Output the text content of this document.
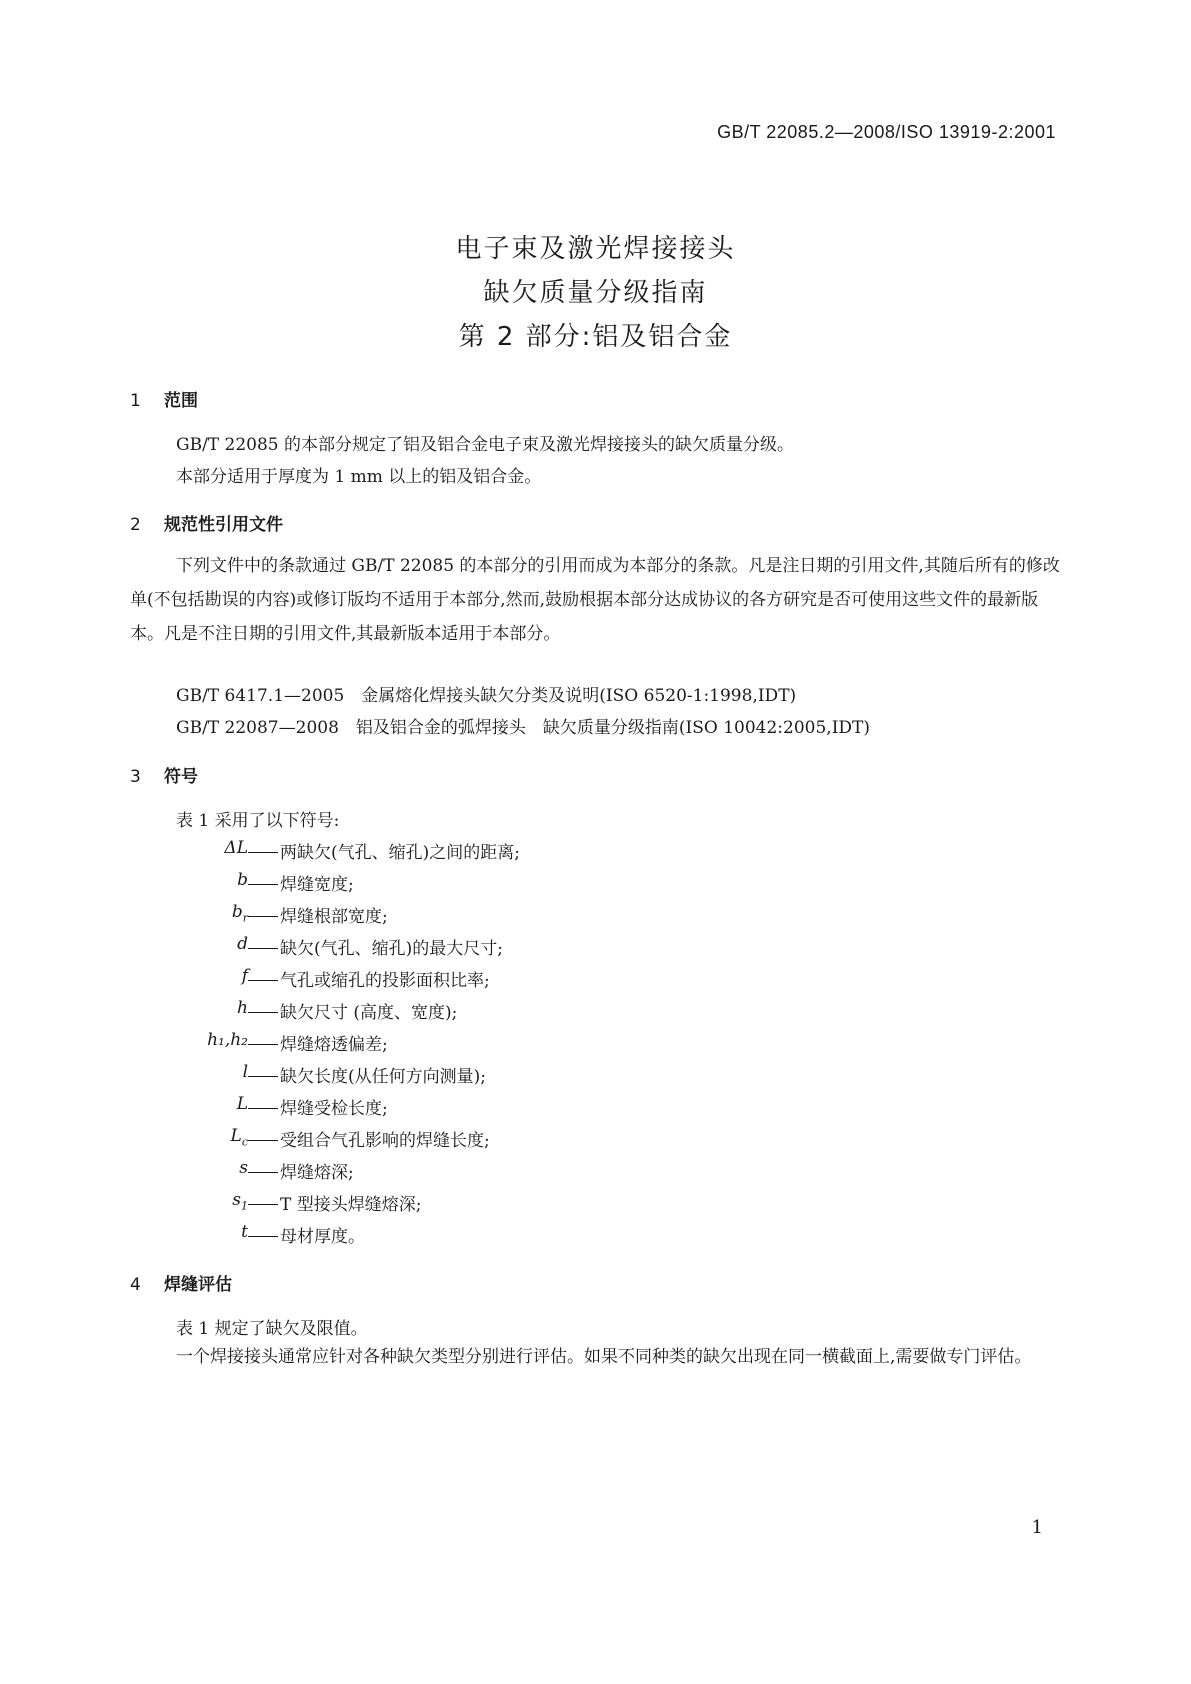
GB/T 22085.2—2008/ISO 13919-2:2001
电子束及激光焊接接头
缺欠质量分级指南
第 2 部分:铝及铝合金
1 范围
GB/T 22085 的本部分规定了铝及铝合金电子束及激光焊接接头的缺欠质量分级。
本部分适用于厚度为 1 mm 以上的铝及铝合金。
2 规范性引用文件
下列文件中的条款通过 GB/T 22085 的本部分的引用而成为本部分的条款。凡是注日期的引用文件,其随后所有的修改单(不包括勘误的内容)或修订版均不适用于本部分,然而,鼓励根据本部分达成协议的各方研究是否可使用这些文件的最新版本。凡是不注日期的引用文件,其最新版本适用于本部分。
GB/T 6417.1—2005　金属熔化焊接头缺欠分类及说明(ISO 6520-1:1998,IDT)
GB/T 22087—2008　铝及铝合金的弧焊接头　缺欠质量分级指南(ISO 10042:2005,IDT)
3 符号
表 1 采用了以下符号:
ΔL	两缺欠(气孔、缩孔)之间的距离;
b	焊缝宽度;
$b_r$	焊缝根部宽度;
d	缺欠(气孔、缩孔)的最大尺寸;
f	气孔或缩孔的投影面积比率;
h	缺欠尺寸 (高度、宽度);
h₁,h₂	焊缝熔透偏差;
l	缺欠长度(从任何方向测量);
L	焊缝受检长度;
$L_c$	受组合气孔影响的焊缝长度;
s	焊缝熔深;
$s_1$	T 型接头焊缝熔深;
t	母材厚度。
4 焊缝评估
表 1 规定了缺欠及限值。
一个焊接接头通常应针对各种缺欠类型分别进行评估。如果不同种类的缺欠出现在同一横截面上,需要做专门评估。
1
